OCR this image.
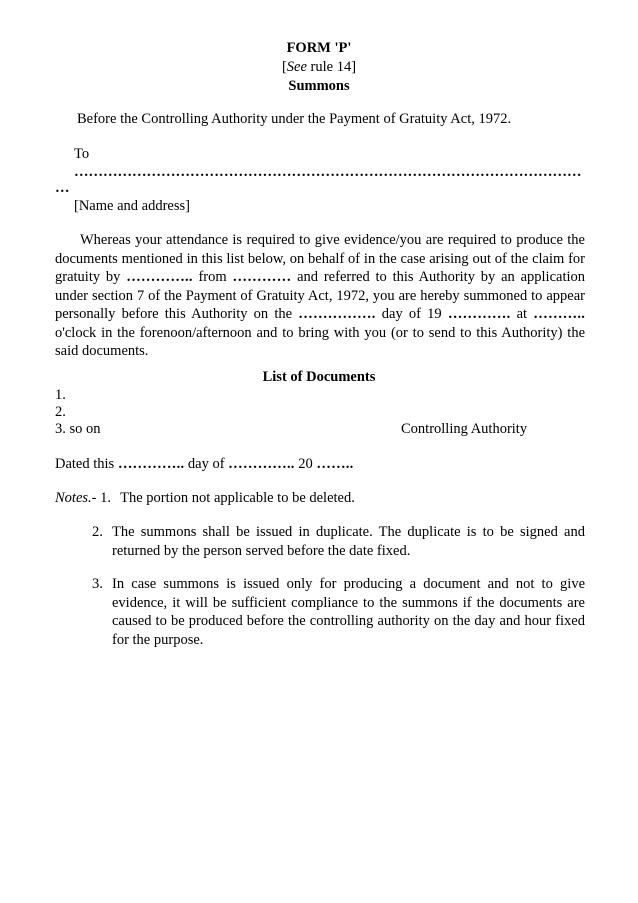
FORM 'P'
[See rule 14]
Summons
Before the Controlling Authority under the Payment of Gratuity Act, 1972.
To
……………………………………………………………………………………………
…
[Name and address]
Whereas your attendance is required to give evidence/you are required to produce the documents mentioned in this list below, on behalf of in the case arising out of the claim for gratuity by ………….. from ………… and referred to this Authority by an application under section 7 of the Payment of Gratuity Act, 1972, you are hereby summoned to appear personally before this Authority on the ……………. day of 19 …………. at ……….. o'clock in the forenoon/afternoon and to bring with you (or to send to this Authority) the said documents.
List of Documents
1.
2.
3. so on	Controlling Authority
Dated this ………….. day of ………….. 20 ……..
Notes.- 1. The portion not applicable to be deleted.
2. The summons shall be issued in duplicate. The duplicate is to be signed and returned by the person served before the date fixed.
3. In case summons is issued only for producing a document and not to give evidence, it will be sufficient compliance to the summons if the documents are caused to be produced before the controlling authority on the day and hour fixed for the purpose.
